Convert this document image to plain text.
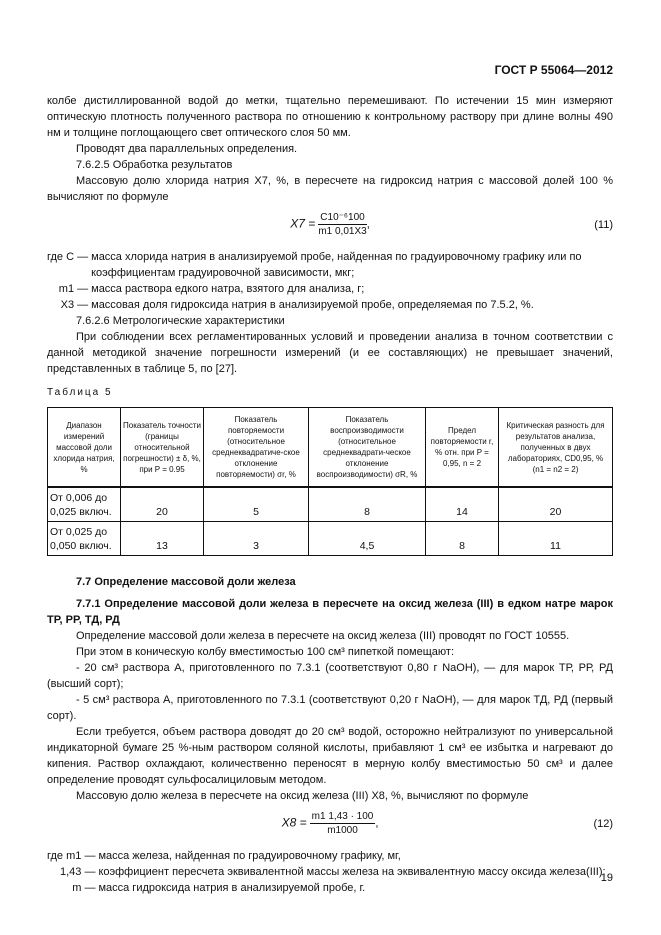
ГОСТ Р 55064—2012

колбе дистиллированной водой до метки, тщательно перемешивают. По истечении 15 мин измеряют оптическую плотность полученного раствора по отношению к контрольному раствору при длине волны 490 нм и толщине поглощающего свет оптического слоя 50 мм.

Проводят два параллельных определения.

7.6.2.5 Обработка результатов

Массовую долю хлорида натрия X7, %, в пересчете на гидроксид натрия с массовой долей 100 % вычисляют по формуле

$X7 = \frac{\text{C10⁻⁶100}}{m1 0,01X3}$ ,	(11)
где C — масса хлорида натрия в анализируемой пробе, найденная по градуировочному графику или по коэффициентам градуировочной зависимости, мкг;
m1 — масса раствора едкого натра, взятого для анализа, г;
X3 — массовая доля гидроксида натрия в анализируемой пробе, определяемая по 7.5.2, %.

7.6.2.6 Метрологические характеристики

При соблюдении всех регламентированных условий и проведении анализа в точном соответствии с данной методикой значение погрешности измерений (и ее составляющих) не превышает значений, представленных в таблице 5, по [27].

Таблица 5
Диапазон измерений массовой доли хлорида натрия, %	Показатель точности (границы относительной погрешности) ± δ, %, при P = 0.95	Показатель повторяемости (относительное среднеквадратиче-ское отклонение повторяемости) σr, %	Показатель воспроизводимости (относительное среднеквадрати-ческое отклонение воспроизводимости) σR, %	Предел повторяемости r, % отн. при P = 0,95, n = 2	Критическая разность для результатов анализа, полученных в двух лабораториях, CD0,95, % (n1 = n2 = 2)
От 0,006 до 0,025 включ.	20	5	8	14	20
От 0,025 до 0,050 включ.	13	3	4,5	8	11
7.7 Определение массовой доли железа
7.7.1 Определение массовой доли железа в пересчете на оксид железа (III) в едком натре марок ТР, РР, ТД, РД

Определение массовой доли железа в пересчете на оксид железа (III) проводят по ГОСТ 10555.

При этом в коническую колбу вместимостью 100 см³ пипеткой помещают:

- 20 см³ раствора А, приготовленного по 7.3.1 (соответствуют 0,80 г NaOH), — для марок ТР, РР, РД (высший сорт);

- 5 см³ раствора А, приготовленного по 7.3.1 (соответствуют 0,20 г NaOH), — для марок ТД, РД (первый сорт).

Если требуется, объем раствора доводят до 20 см³ водой, осторожно нейтрализуют по универсальной индикаторной бумаге 25 %-ным раствором соляной кислоты, прибавляют 1 см³ ее избытка и нагревают до кипения. Раствор охлаждают, количественно переносят в мерную колбу вместимостью 50 см³ и далее определение проводят сульфосалициловым методом.

Массовую долю железа в пересчете на оксид железа (III) X8, %, вычисляют по формуле

$X8 = \frac{m1 1,43 \cdot 100}{m1000}$ ,	(12)
где m1 — масса железа, найденная по градуировочному графику, мг,
1,43 — коэффициент пересчета эквивалентной массы железа на эквивалентную массу оксида железа(III);
m — масса гидроксида натрия в анализируемой пробе, г.
19
